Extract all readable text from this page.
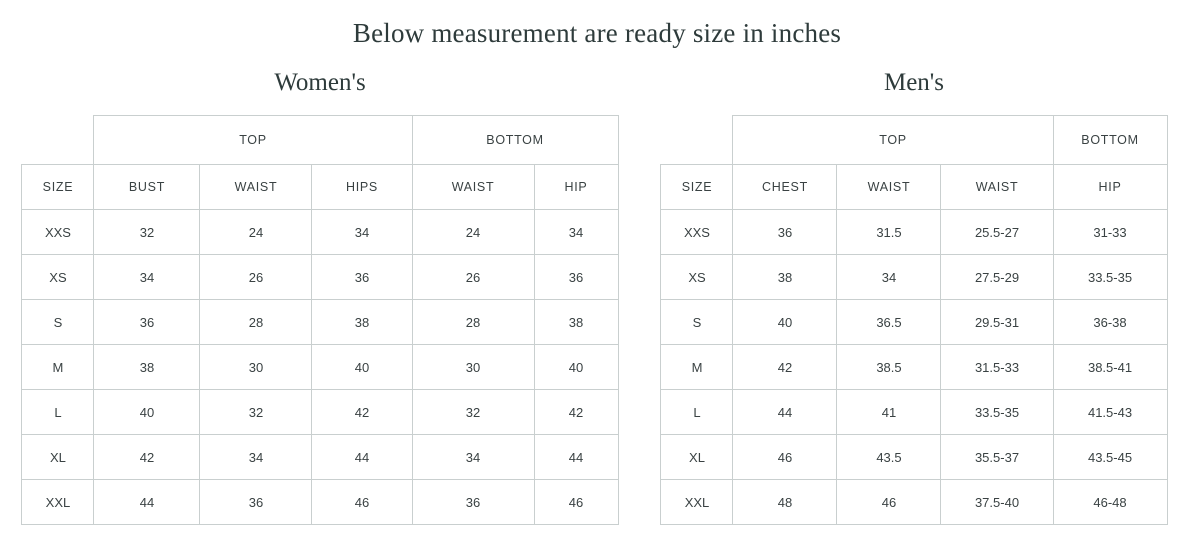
Below measurement are ready size in inches
Women's
	TOP			BOTTOM	
SIZE	BUST	WAIST	HIPS	WAIST	HIP
XXS	32	24	34	24	34
XS	34	26	36	26	36
S	36	28	38	28	38
M	38	30	40	30	40
L	40	32	42	32	42
XL	42	34	44	34	44
XXL	44	36	46	36	46
Men's
	TOP			BOTTOM
SIZE	CHEST	WAIST	WAIST	HIP
XXS	36	31.5	25.5-27	31-33
XS	38	34	27.5-29	33.5-35
S	40	36.5	29.5-31	36-38
M	42	38.5	31.5-33	38.5-41
L	44	41	33.5-35	41.5-43
XL	46	43.5	35.5-37	43.5-45
XXL	48	46	37.5-40	46-48
